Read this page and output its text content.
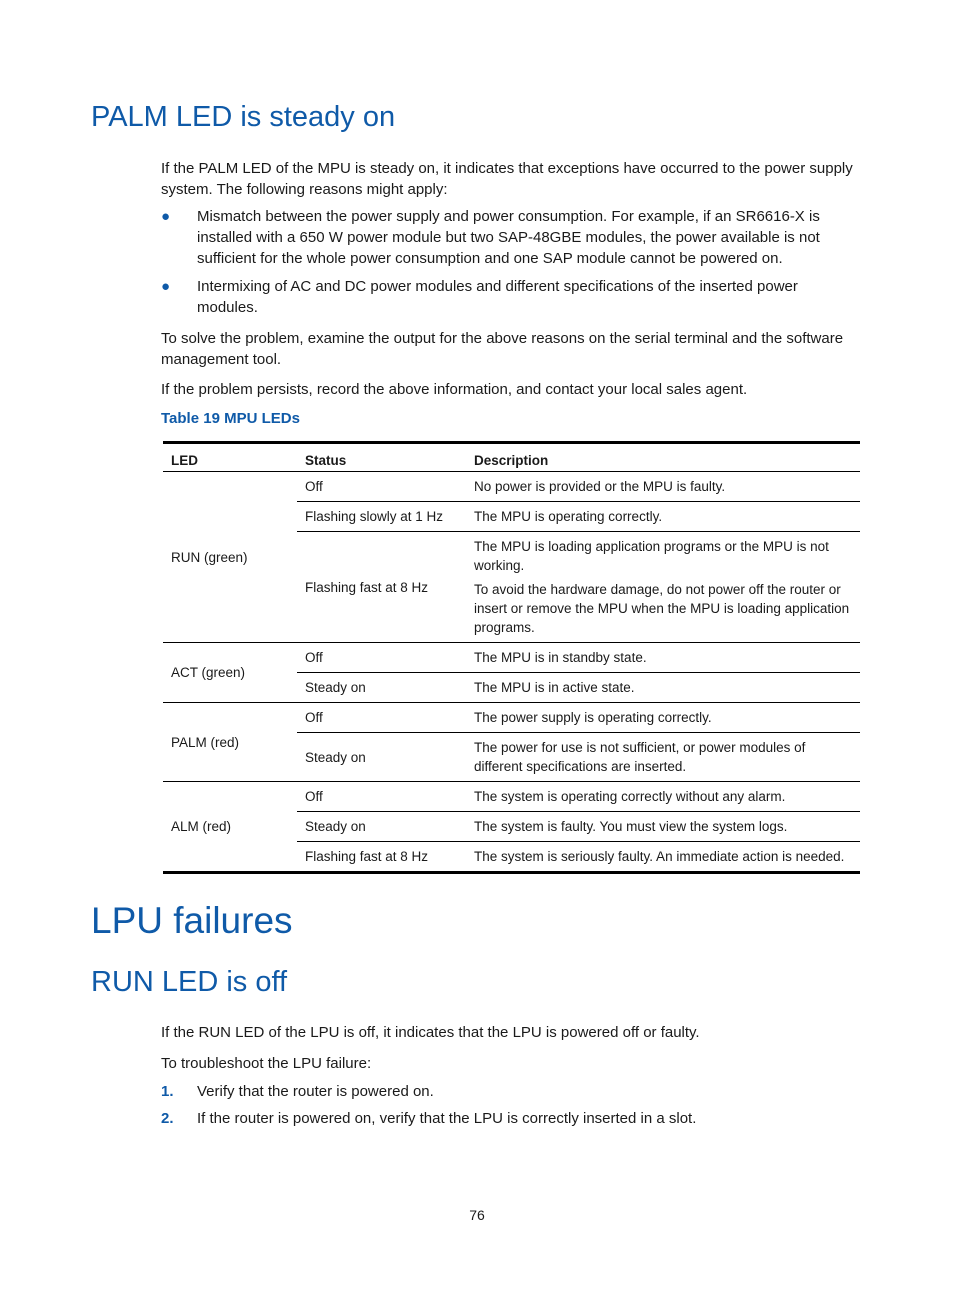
PALM LED is steady on

If the PALM LED of the MPU is steady on, it indicates that exceptions have occurred to the power supply system. The following reasons might apply:

●	Mismatch between the power supply and power consumption. For example, if an SR6616-X is installed with a 650 W power module but two SAP-48GBE modules, the power available is not sufficient for the whole power consumption and one SAP module cannot be powered on.
●	Intermixing of AC and DC power modules and different specifications of the inserted power modules.

To solve the problem, examine the output for the above reasons on the serial terminal and the software management tool.

If the problem persists, record the above information, and contact your local sales agent.

Table 19 MPU LEDs

LED	Status	Description
RUN (green)	Off	No power is provided or the MPU is faulty.

	Flashing slowly at 1 Hz	The MPU is operating correctly.

	Flashing fast at 8 Hz	The MPU is loading application programs or the MPU is not working.

To avoid the hardware damage, do not power off the router or insert or remove the MPU when the MPU is loading application programs.

ACT (green)	Off	The MPU is in standby state.

	Steady on	The MPU is in active state.

PALM (red)	Off	The power supply is operating correctly.

	Steady on	The power for use is not sufficient, or power modules of different specifications are inserted.

ALM (red)	Off	The system is operating correctly without any alarm.

	Steady on	The system is faulty. You must view the system logs.

	Flashing fast at 8 Hz	The system is seriously faulty. An immediate action is needed.

LPU failures
RUN LED is off

If the RUN LED of the LPU is off, it indicates that the LPU is powered off or faulty.

To troubleshoot the LPU failure:

1.	Verify that the router is powered on.
2.	If the router is powered on, verify that the LPU is correctly inserted in a slot.
76
